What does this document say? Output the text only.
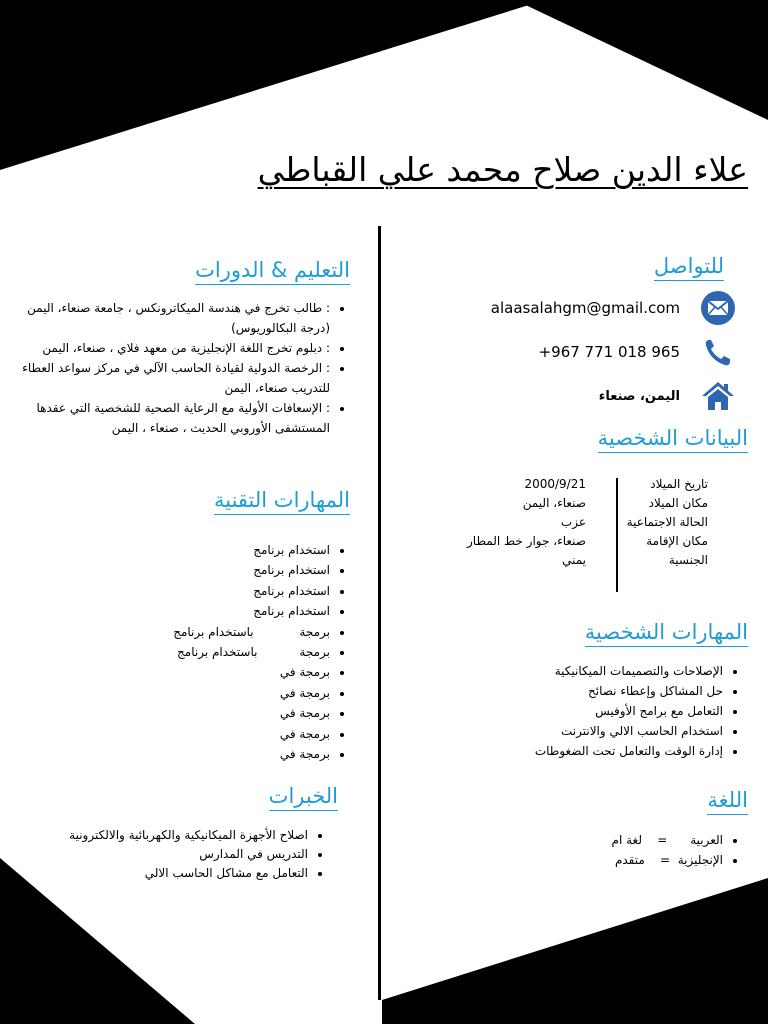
علاء الدين صلاح محمد علي القباطي
التعليم & الدورات
• : طالب تخرج في هندسة الميكاترونكس ، جامعة صنعاء، اليمن (درجة البكالوريوس)
• : دبلوم تخرج اللغة الإنجليزية من معهد فلاي ، صنعاء، اليمن
• : الرخصة الدولية لقيادة الحاسب الآلي في مركز سواعد العطاء للتدريب صنعاء، اليمن
• : الإسعافات الأولية مع الرعاية الصحية للشخصية التي عقدها المستشفى الأوروبي الحديث ، صنعاء ، اليمن
المهارات التقنية
• استخدام برنامج
• استخدام برنامج
• استخدام برنامج
• استخدام برنامج
• برمجة            باستخدام برنامج
• برمجة           باستخدام برنامج
• برمجة في
• برمجة في
• برمجة في
• برمجة في
• برمجة في
الخبرات
• اصلاح الأجهزة الميكانيكية والكهربائية والالكترونية
• التدريس في المدارس
• التعامل مع مشاكل الحاسب الالي
للتواصل
alaasalahgm@gmail.com
+967 771 018 965
اليمن، صنعاء
البيانات الشخصية
تاريخ الميلاد
مكان الميلاد
الحالة الاجتماعية
مكان الإقامة
الجنسية
2000/9/21
صنعاء، اليمن
عزب
صنعاء، جوار خط المطار
يمني
المهارات الشخصية
• الإصلاحات والتصميمات الميكانيكية
• حل المشاكل وإعطاء نصائح
• التعامل مع برامج الأوفيس
• استخدام الحاسب الالي والانترنت
• إدارة الوقت والتعامل تحت الضغوطات
اللغة
• العربية      =    لغة ام
• الإنجليزية  =    متقدم
